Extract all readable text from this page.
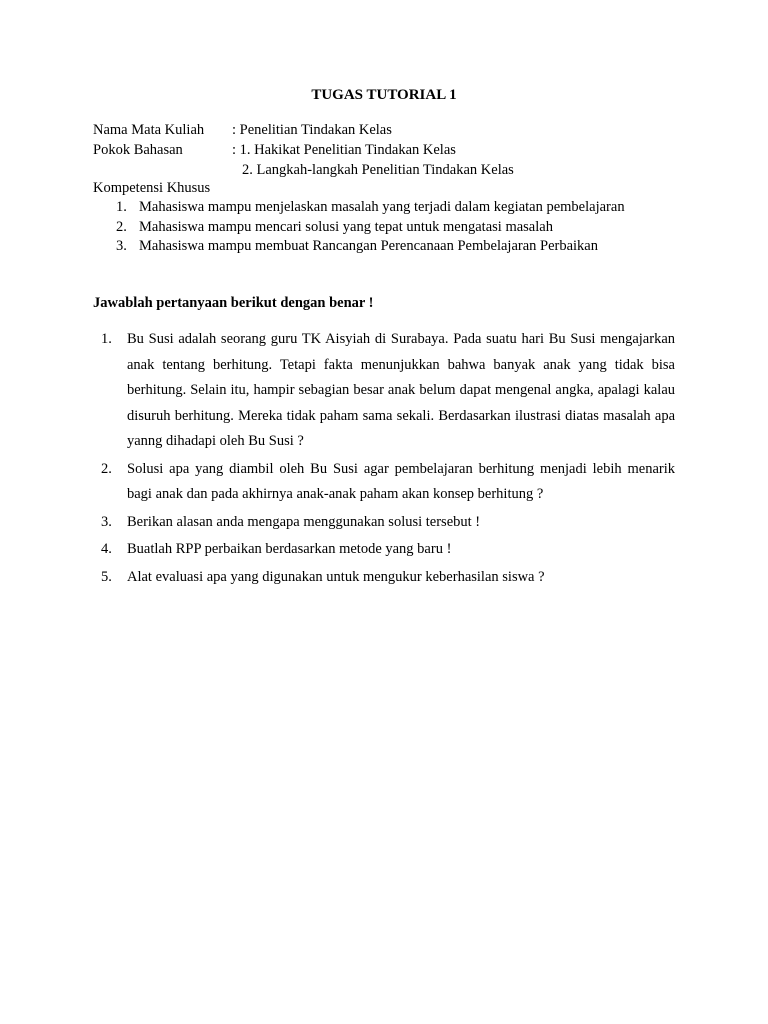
TUGAS TUTORIAL 1
Nama Mata Kuliah : Penelitian Tindakan Kelas
Pokok Bahasan	: 1. Hakikat Penelitian Tindakan Kelas
2. Langkah-langkah Penelitian Tindakan Kelas
Kompetensi Khusus
1. Mahasiswa mampu menjelaskan masalah yang terjadi dalam kegiatan pembelajaran
2. Mahasiswa mampu mencari solusi yang tepat untuk mengatasi masalah
3. Mahasiswa mampu membuat Rancangan Perencanaan Pembelajaran Perbaikan

Jawablah pertanyaan berikut dengan benar !

1. Bu Susi adalah seorang guru TK Aisyiah di Surabaya. Pada suatu hari Bu Susi mengajarkan anak tentang berhitung. Tetapi fakta menunjukkan bahwa banyak anak yang tidak bisa berhitung. Selain itu, hampir sebagian besar anak belum dapat mengenal angka, apalagi kalau disuruh berhitung. Mereka tidak paham sama sekali. Berdasarkan ilustrasi diatas masalah apa yanng dihadapi oleh Bu Susi ?
2. Solusi apa yang diambil oleh Bu Susi agar pembelajaran berhitung menjadi lebih menarik bagi anak dan pada akhirnya anak-anak paham akan konsep berhitung ?
3. Berikan alasan anda mengapa menggunakan solusi tersebut !
4. Buatlah RPP perbaikan berdasarkan metode yang baru !
5. Alat evaluasi apa yang digunakan untuk mengukur keberhasilan siswa ?
